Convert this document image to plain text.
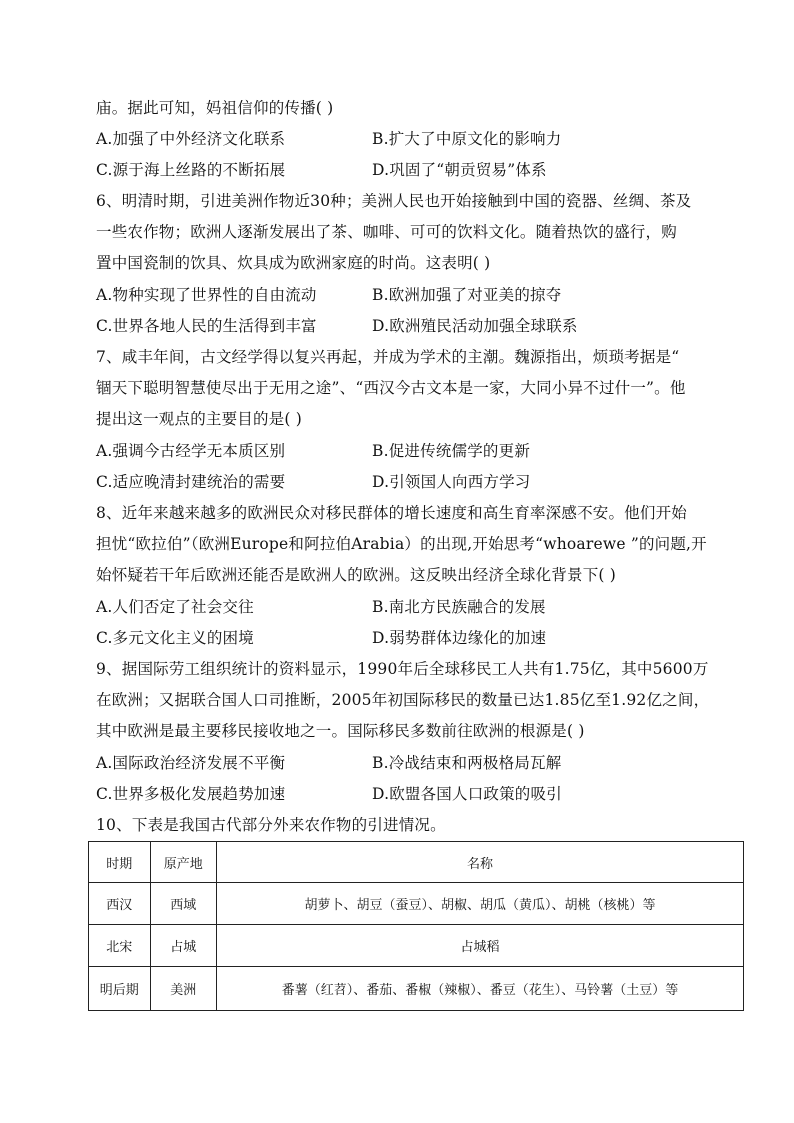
庙。据此可知，妈祖信仰的传播( )
A.加强了中外经济文化联系	B.扩大了中原文化的影响力
C.源于海上丝路的不断拓展	D.巩固了“朝贡贸易”体系
6、明清时期，引进美洲作物近30种；美洲人民也开始接触到中国的瓷器、丝绸、茶及
一些农作物；欧洲人逐渐发展出了茶、咖啡、可可的饮料文化。随着热饮的盛行，购
置中国瓷制的饮具、炊具成为欧洲家庭的时尚。这表明( )
A.物种实现了世界性的自由流动	B.欧洲加强了对亚美的掠夺
C.世界各地人民的生活得到丰富	D.欧洲殖民活动加强全球联系
7、咸丰年间，古文经学得以复兴再起，并成为学术的主潮。魏源指出，烦琐考据是“
锢天下聪明智慧使尽出于无用之途”、“西汉今古文本是一家，大同小异不过什一”。他
提出这一观点的主要目的是( )
A.强调今古经学无本质区别	B.促进传统儒学的更新
C.适应晚清封建统治的需要	D.引领国人向西方学习
8、近年来越来越多的欧洲民众对移民群体的增长速度和高生育率深感不安。他们开始
担忧“欧拉伯”（欧洲Europe和阿拉伯Arabia）的出现,开始思考“whoarewe ”的问题,开
始怀疑若干年后欧洲还能否是欧洲人的欧洲。这反映出经济全球化背景下( )
A.人们否定了社会交往	B.南北方民族融合的发展
C.多元文化主义的困境	D.弱势群体边缘化的加速
9、据国际劳工组织统计的资料显示，1990年后全球移民工人共有1.75亿，其中5600万
在欧洲；又据联合国人口司推断，2005年初国际移民的数量已达1.85亿至1.92亿之间，
其中欧洲是最主要移民接收地之一。国际移民多数前往欧洲的根源是( )
A.国际政治经济发展不平衡	B.冷战结束和两极格局瓦解
C.世界多极化发展趋势加速	D.欧盟各国人口政策的吸引
10、下表是我国古代部分外来农作物的引进情况。
时期	原产地	名称
西汉	西域	胡萝卜、胡豆（蚕豆）、胡椒、胡瓜（黄瓜）、胡桃（核桃）等
北宋	占城	占城稻
明后期	美洲	番薯（红苕）、番茄、番椒（辣椒）、番豆（花生）、马铃薯（土豆）等
